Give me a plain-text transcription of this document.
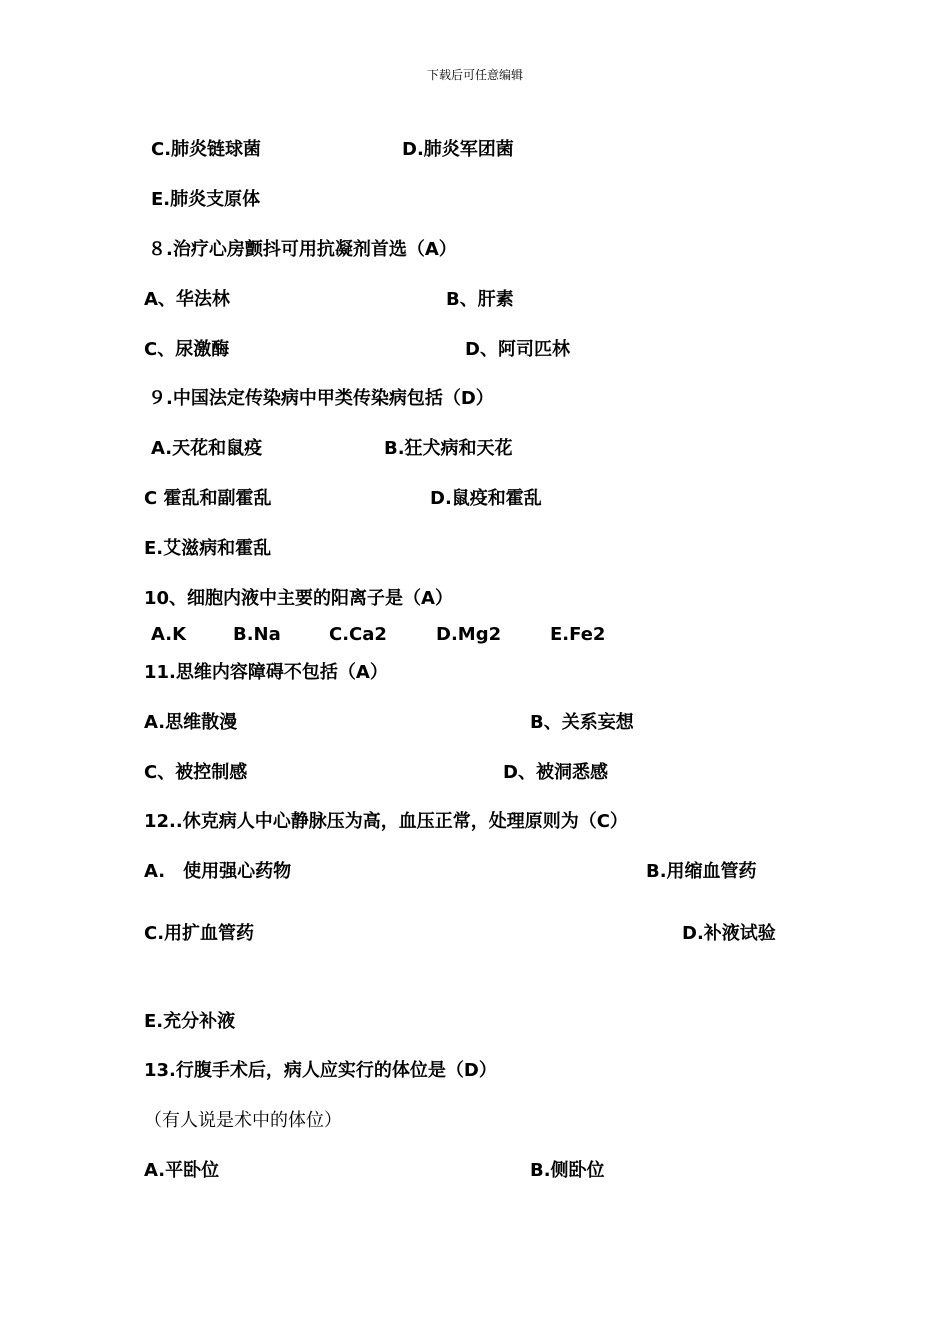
下载后可任意编辑
C.肺炎链球菌	D.肺炎军团菌
E.肺炎支原体
８.治疗心房颤抖可用抗凝剂首选（A）
A、华法林	B、肝素
C、尿激酶	D、阿司匹林
９.中国法定传染病中甲类传染病包括（D）
A.天花和鼠疫	B.狂犬病和天花
C 霍乱和副霍乱	D.鼠疫和霍乱
E.艾滋病和霍乱
10、细胞内液中主要的阳离子是（A）
A.K	B.Na	C.Ca2	D.Mg2	E.Fe2
11.思维内容障碍不包括（A）
A.思维散漫	B、关系妄想
C、被控制感	D、被洞悉感
12..休克病人中心静脉压为高，血压正常，处理原则为（C）
A.　使用强心药物	B.用缩血管药
C.用扩血管药	D.补液试验
E.充分补液
13.行腹手术后，病人应实行的体位是（D）
（有人说是术中的体位）
A.平卧位	B.侧卧位
